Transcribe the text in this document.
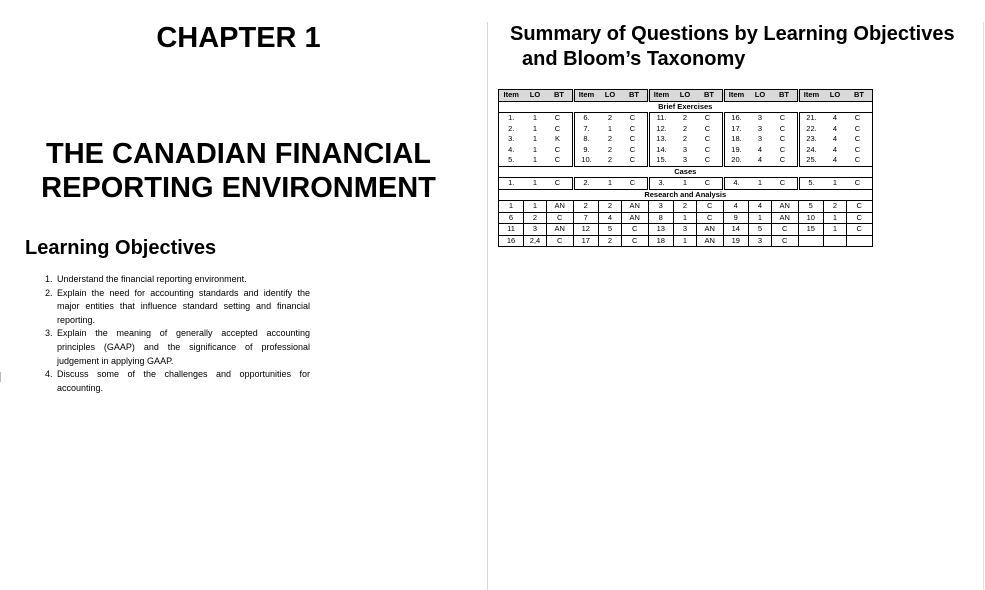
CHAPTER 1
THE CANADIAN FINANCIAL
REPORTING ENVIRONMENT
Learning Objectives
1. Understand the financial reporting environment.
2. Explain the need for accounting standards and identify the major entities that influence standard setting and financial reporting.
3. Explain the meaning of generally accepted accounting principles (GAAP) and the significance of professional judgement in applying GAAP.
4. Discuss some of the challenges and opportunities for accounting.
Summary of Questions by Learning Objectives
and Bloom’s Taxonomy
Item	LO	BT	Item	LO	BT	Item	LO	BT	Item	LO	BT	Item	LO	BT
Brief Exercises														
1.	1	C	6.	2	C	11.	2	C	16.	3	C	21.	4	C
2.	1	C	7.	1	C	12.	2	C	17.	3	C	22.	4	C
3.	1	K	8.	2	C	13.	2	C	18.	3	C	23.	4	C
4.	1	C	9.	2	C	14.	3	C	19.	4	C	24.	4	C
5.	1	C	10.	2	C	15.	3	C	20.	4	C	25.	4	C
Cases														
1.	1	C	2.	1	C	3.	1	C	4.	1	C	5.	1	C
Research and Analysis														
1	1	AN	2	2	AN	3	2	C	4	4	AN	5	2	C
6	2	C	7	4	AN	8	1	C	9	1	AN	10	1	C
11	3	AN	12	5	C	13	3	AN	14	5	C	15	1	C
16	2,4	C	17	2	C	18	1	AN	19	3	C			
